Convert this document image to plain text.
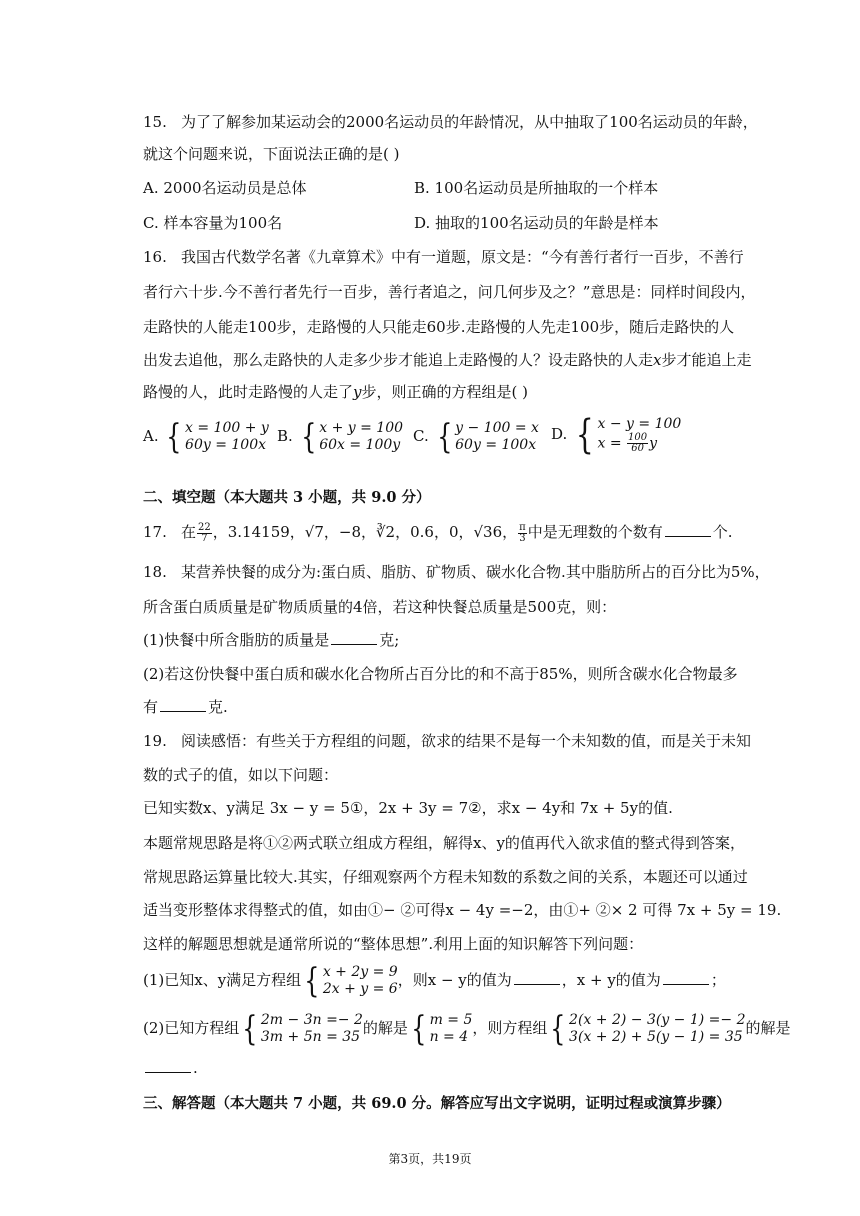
15. 为了了解参加某运动会的2000名运动员的年龄情况，从中抽取了100名运动员的年龄，
就这个问题来说，下面说法正确的是( )
A. 2000名运动员是总体	B. 100名运动员是所抽取的一个样本
C. 样本容量为100名	D. 抽取的100名运动员的年龄是样本
16. 我国古代数学名著《九章算术》中有一道题，原文是：“今有善行者行一百步，不善行
者行六十步.今不善行者先行一百步，善行者追之，问几何步及之？”意思是：同样时间段内，
走路快的人能走100步，走路慢的人只能走60步.走路慢的人先走100步，随后走路快的人
出发去追他，那么走路快的人走多少步才能追上走路慢的人？设走路快的人走x步才能追上走
路慢的人，此时走路慢的人走了y步，则正确的方程组是( )
A. { x = 100 + y
60y = 100x B. { x + y = 100
60x = 100y C. { y − 100 = x
60y = 100x
D. { x − y = 100
$x = \frac{100}{60}$ y
二、填空题（本大题共 3 小题，共 9.0 分）
17. 在 $\frac{22}{7}$ ，3.14159，√7，−8，∛2，0.6，0，√36， $\frac{\pi}{3}$ 中是无理数的个数有	个.
18. 某营养快餐的成分为:蛋白质、脂肪、矿物质、碳水化合物.其中脂肪所占的百分比为5%，
所含蛋白质质量是矿物质质量的4倍，若这种快餐总质量是500克，则：
(1)快餐中所含脂肪的质量是	克;
(2)若这份快餐中蛋白质和碳水化合物所占百分比的和不高于85%，则所含碳水化合物最多
有	克.
19. 阅读感悟：有些关于方程组的问题，欲求的结果不是每一个未知数的值，而是关于未知
数的式子的值，如以下问题：
已知实数x、y满足 3x − y = 5①，2x + 3y = 7②，求x − 4y和 7x + 5y的值.
本题常规思路是将①②两式联立组成方程组，解得x、y的值再代入欲求值的整式得到答案，
常规思路运算量比较大.其实，仔细观察两个方程未知数的系数之间的关系，本题还可以通过
适当变形整体求得整式的值，如由①− ②可得x − 4y =−2，由①+ ②× 2 可得 7x + 5y = 19.
这样的解题思想就是通常所说的“整体思想”.利用上面的知识解答下列问题：
(1)已知x、y满足方程组 { x + 2y = 9
2x + y = 6 ，则x − y的值为	，x + y的值为	；
(2)已知方程组 { 2m − 3n =− 2
3m + 5n = 35 的解是 { m = 5
n = 4 ，则方程组 { 2(x + 2) − 3(y − 1) =− 2
3(x + 2) + 5(y − 1) = 35 的解是
.
三、解答题（本大题共 7 小题，共 69.0 分。解答应写出文字说明，证明过程或演算步骤）
第3页，共19页
